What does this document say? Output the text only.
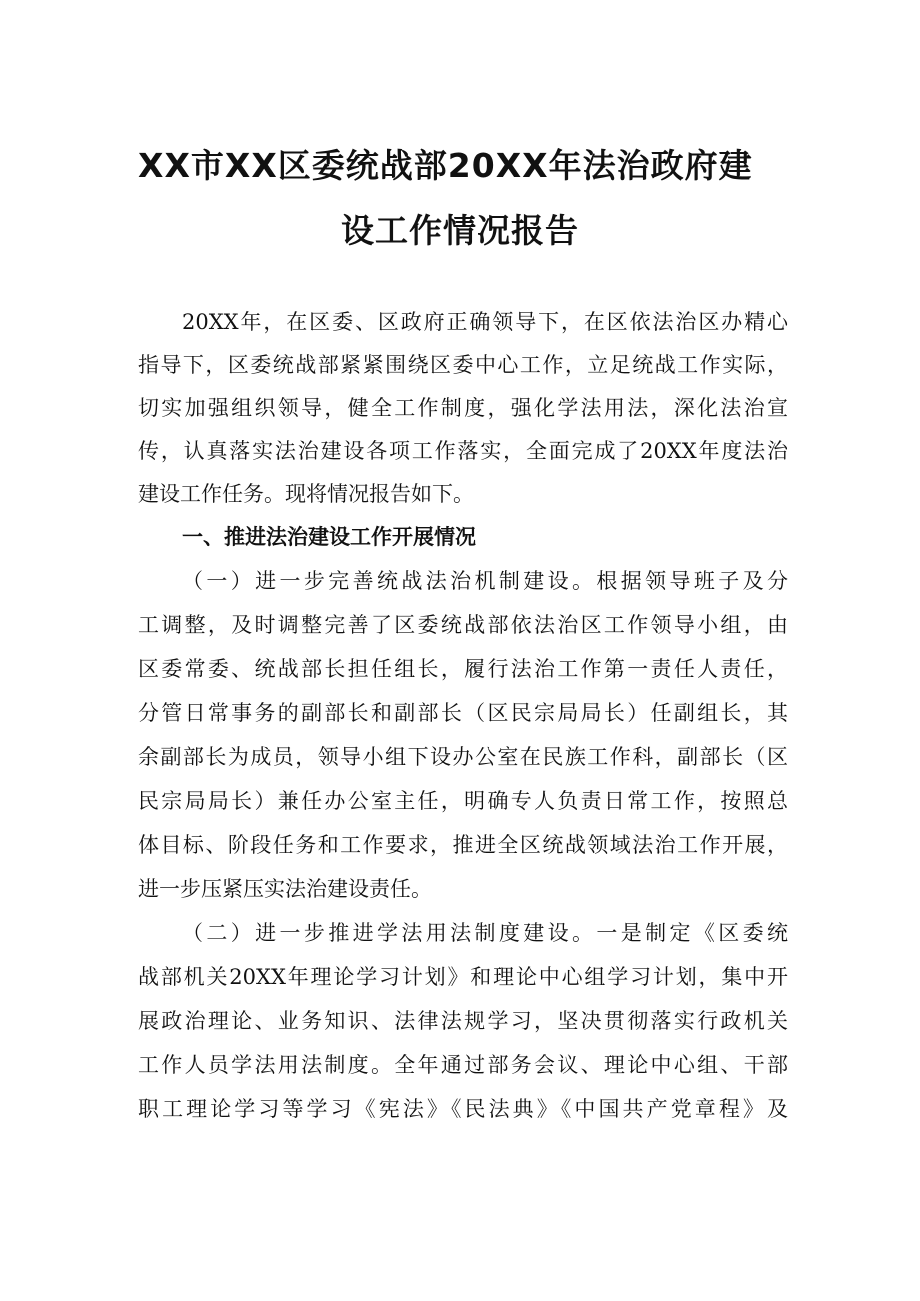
XX市XX区委统战部20XX年法治政府建
设工作情况报告
20XX年，在区委、区政府正确领导下，在区依法治区办精心
指导下，区委统战部紧紧围绕区委中心工作，立足统战工作实际，
切实加强组织领导，健全工作制度，强化学法用法，深化法治宣
传，认真落实法治建设各项工作落实，全面完成了20XX年度法治
建设工作任务。现将情况报告如下。
一、推进法治建设工作开展情况
（一）进一步完善统战法治机制建设。根据领导班子及分
工调整，及时调整完善了区委统战部依法治区工作领导小组，由
区委常委、统战部长担任组长，履行法治工作第一责任人责任，
分管日常事务的副部长和副部长（区民宗局局长）任副组长，其
余副部长为成员，领导小组下设办公室在民族工作科，副部长（区
民宗局局长）兼任办公室主任，明确专人负责日常工作，按照总
体目标、阶段任务和工作要求，推进全区统战领域法治工作开展，
进一步压紧压实法治建设责任。
（二）进一步推进学法用法制度建设。一是制定《区委统
战部机关20XX年理论学习计划》和理论中心组学习计划，集中开
展政治理论、业务知识、法律法规学习，坚决贯彻落实行政机关
工作人员学法用法制度。全年通过部务会议、理论中心组、干部
职工理论学习等学习《宪法》《民法典》《中国共产党章程》及
